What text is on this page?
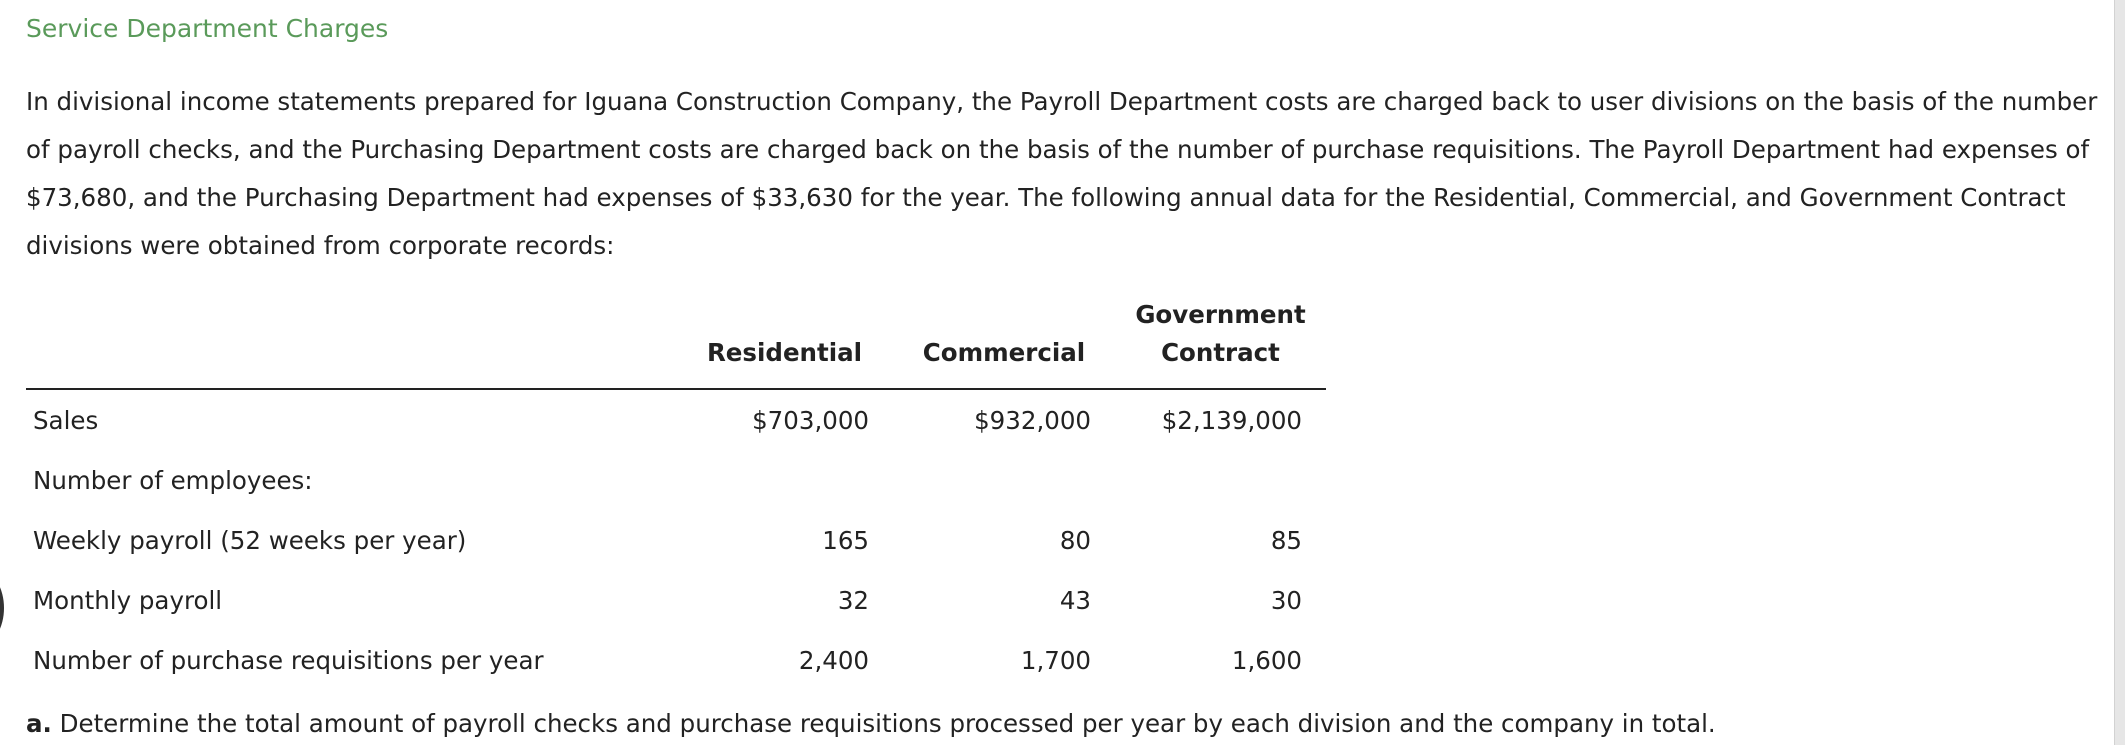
Service Department Charges

In divisional income statements prepared for Iguana Construction Company, the Payroll Department costs are charged back to user divisions on the basis of the number of payroll checks, and the Purchasing Department costs are charged back on the basis of the number of purchase requisitions. The Payroll Department had expenses of $73,680, and the Purchasing Department had expenses of $33,630 for the year. The following annual data for the Residential, Commercial, and Government Contract divisions were obtained from corporate records:

			Government
	Residential	Commercial	Contract
Sales	$703,000	$932,000	$2,139,000
Number of employees:			
Weekly payroll (52 weeks per year)	165	80	85
Monthly payroll	32	43	30
Number of purchase requisitions per year	2,400	1,700	1,600

a. Determine the total amount of payroll checks and purchase requisitions processed per year by each division and the company in total.
